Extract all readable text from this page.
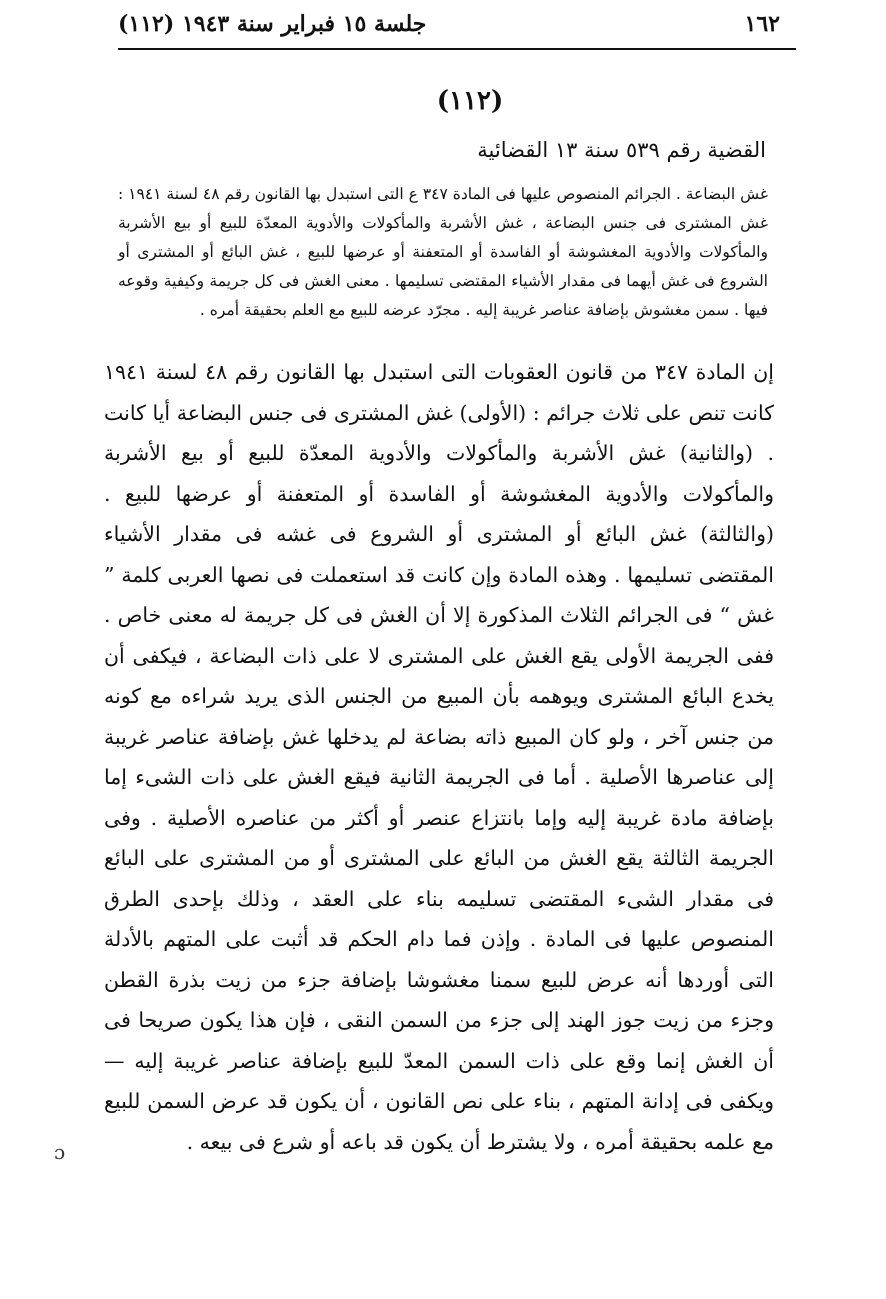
١٦٢
جلسة ١٥ فبراير سنة ١٩٤٣ (١١٢)
(١١٢)
القضية رقم ٥٣٩ سنة ١٣ القضائية
غش البضاعة . الجرائم المنصوص عليها فى المادة ٣٤٧ ع التى استبدل بها القانون رقم ٤٨ لسنة ١٩٤١ : غش المشترى فى جنس البضاعة ، غش الأشربة والمأكولات والأدوية المعدّة للبيع أو بيع الأشربة والمأكولات والأدوية المغشوشة أو الفاسدة أو المتعفنة أو عرضها للبيع ، غش البائع أو المشترى أو الشروع فى غش أيهما فى مقدار الأشياء المقتضى تسليمها . معنى الغش فى كل جريمة وكيفية وقوعه فيها . سمن مغشوش بإضافة عناصر غريبة إليه . مجرّد عرضه للبيع مع العلم بحقيقة أمره .
إن المادة ٣٤٧ من قانون العقوبات التى استبدل بها القانون رقم ٤٨ لسنة ١٩٤١ كانت تنص على ثلاث جرائم : (الأولى) غش المشترى فى جنس البضاعة أيا كانت . (والثانية) غش الأشربة والمأكولات والأدوية المعدّة للبيع أو بيع الأشربة والمأكولات والأدوية المغشوشة أو الفاسدة أو المتعفنة أو عرضها للبيع . (والثالثة) غش البائع أو المشترى أو الشروع فى غشه فى مقدار الأشياء المقتضى تسليمها . وهذه المادة وإن كانت قد استعملت فى نصها العربى كلمة ” غش “ فى الجرائم الثلاث المذكورة إلا أن الغش فى كل جريمة له معنى خاص . ففى الجريمة الأولى يقع الغش على المشترى لا على ذات البضاعة ، فيكفى أن يخدع البائع المشترى ويوهمه بأن المبيع من الجنس الذى يريد شراءه مع كونه من جنس آخر ، ولو كان المبيع ذاته بضاعة لم يدخلها غش بإضافة عناصر غريبة إلى عناصرها الأصلية . أما فى الجريمة الثانية فيقع الغش على ذات الشىء إما بإضافة مادة غريبة إليه وإما بانتزاع عنصر أو أكثر من عناصره الأصلية . وفى الجريمة الثالثة يقع الغش من البائع على المشترى أو من المشترى على البائع فى مقدار الشىء المقتضى تسليمه بناء على العقد ، وذلك بإحدى الطرق المنصوص عليها فى المادة . وإذن فما دام الحكم قد أثبت على المتهم بالأدلة التى أوردها أنه عرض للبيع سمنا مغشوشا بإضافة جزء من زيت بذرة القطن وجزء من زيت جوز الهند إلى جزء من السمن النقى ، فإن هذا يكون صريحا فى أن الغش إنما وقع على ذات السمن المعدّ للبيع بإضافة عناصر غريبة إليه — ويكفى فى إدانة المتهم ، بناء على نص القانون ، أن يكون قد عرض السمن للبيع مع علمه بحقيقة أمره ، ولا يشترط أن يكون قد باعه أو شرع فى بيعه .
ɔ
